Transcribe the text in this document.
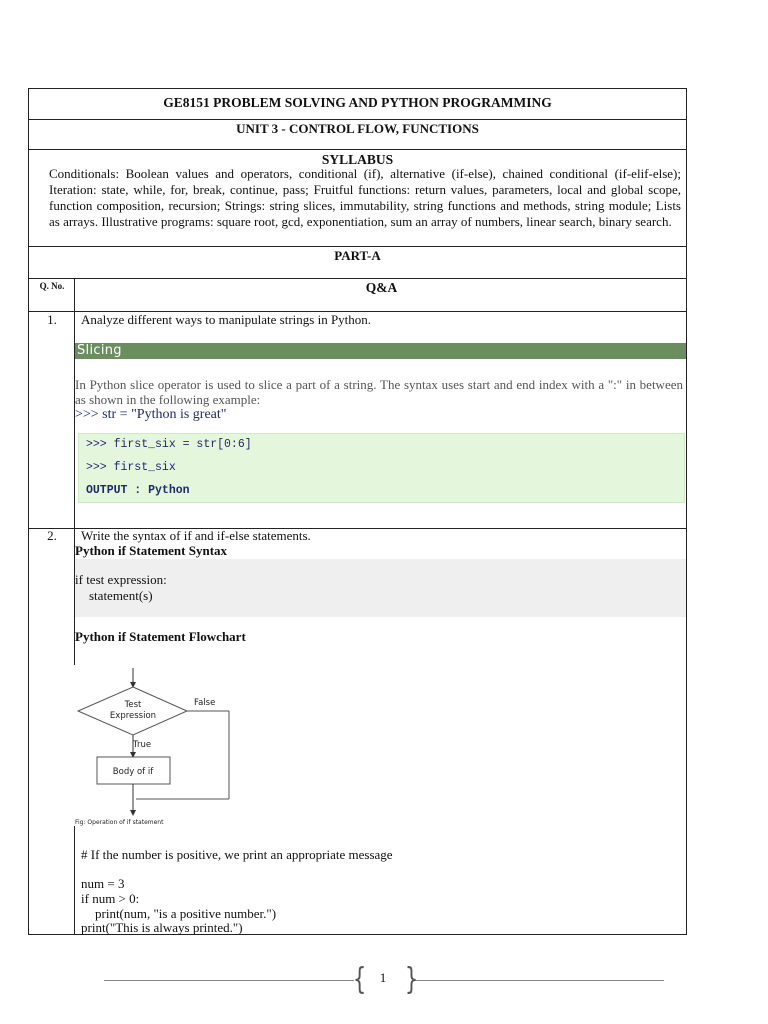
GE8151 PROBLEM SOLVING AND PYTHON PROGRAMMING
UNIT 3 - CONTROL FLOW, FUNCTIONS
SYLLABUS
Conditionals: Boolean values and operators, conditional (if), alternative (if-else), chained conditional (if-elif-else); Iteration: state, while, for, break, continue, pass; Fruitful functions: return values, parameters, local and global scope, function composition, recursion; Strings: string slices, immutability, string functions and methods, string module; Lists as arrays. Illustrative programs: square root, gcd, exponentiation, sum an array of numbers, linear search, binary search.
PART-A
Q. No.	Q&A
1.	Analyze different ways to manipulate strings in Python.
Slicing
In Python slice operator is used to slice a part of a string. The syntax uses start and end index with a ":" in between as shown in the following example:
>>> str = "Python is great"
>>> first_six = str[0:6]
>>> first_six
OUTPUT : Python
2.	Write the syntax of if and if-else statements.
Python if Statement Syntax
if test expression:
statement(s)
Python if Statement Flowchart
Test
Expression
False
True
Body of if
Fig: Operation of if statement
# If the number is positive, we print an appropriate message
num = 3
if num > 0:
print(num, "is a positive number.")
print("This is always printed.")
{ }
1
